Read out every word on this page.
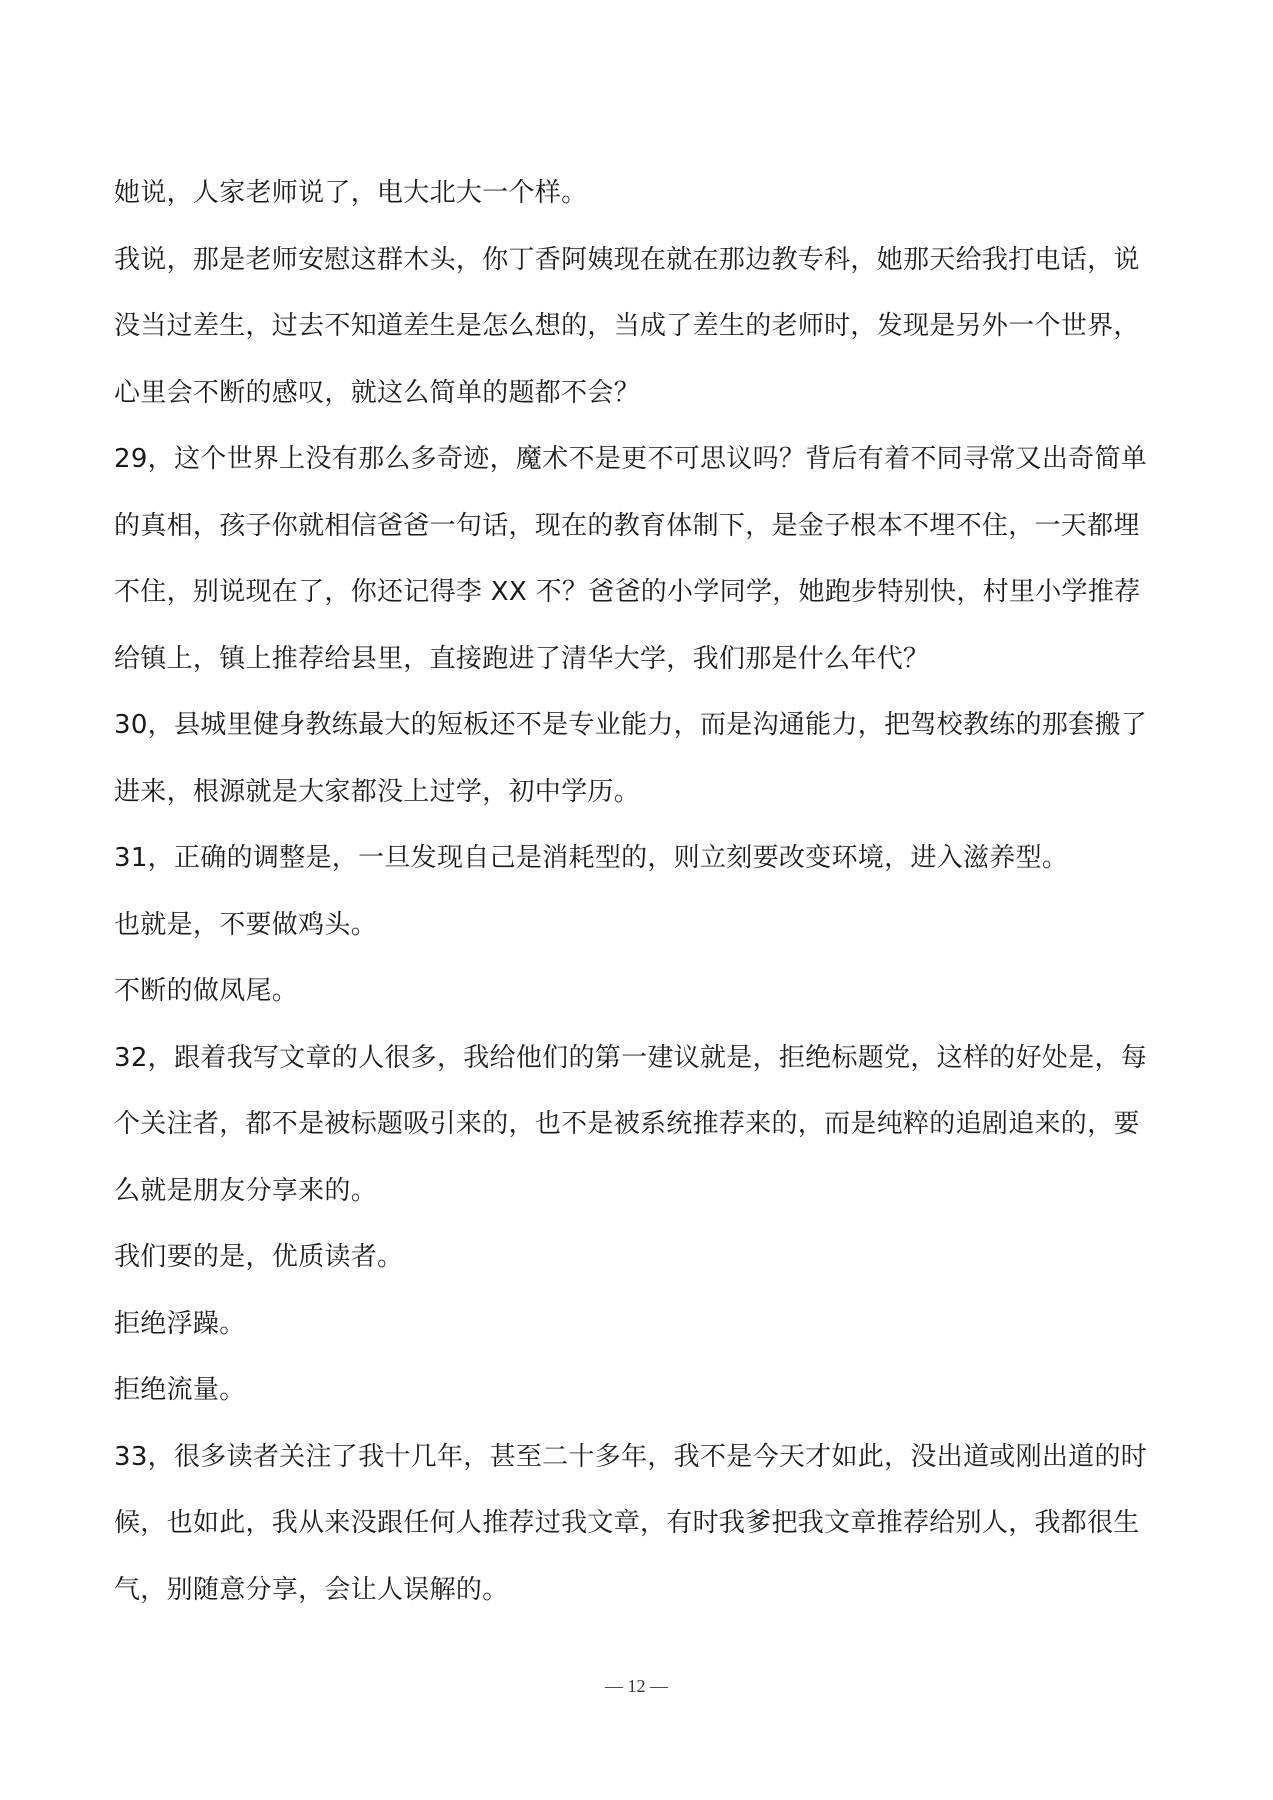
她说，人家老师说了，电大北大一个样。
我说，那是老师安慰这群木头，你丁香阿姨现在就在那边教专科，她那天给我打电话，说
没当过差生，过去不知道差生是怎么想的，当成了差生的老师时，发现是另外一个世界，
心里会不断的感叹，就这么简单的题都不会？
29，这个世界上没有那么多奇迹，魔术不是更不可思议吗？背后有着不同寻常又出奇简单
的真相，孩子你就相信爸爸一句话，现在的教育体制下，是金子根本不埋不住，一天都埋
不住，别说现在了，你还记得李 XX 不？爸爸的小学同学，她跑步特别快，村里小学推荐
给镇上，镇上推荐给县里，直接跑进了清华大学，我们那是什么年代？
30，县城里健身教练最大的短板还不是专业能力，而是沟通能力，把驾校教练的那套搬了
进来，根源就是大家都没上过学，初中学历。
31，正确的调整是，一旦发现自己是消耗型的，则立刻要改变环境，进入滋养型。
也就是，不要做鸡头。
不断的做凤尾。
32，跟着我写文章的人很多，我给他们的第一建议就是，拒绝标题党，这样的好处是，每
个关注者，都不是被标题吸引来的，也不是被系统推荐来的，而是纯粹的追剧追来的，要
么就是朋友分享来的。
我们要的是，优质读者。
拒绝浮躁。
拒绝流量。
33，很多读者关注了我十几年，甚至二十多年，我不是今天才如此，没出道或刚出道的时
候，也如此，我从来没跟任何人推荐过我文章，有时我爹把我文章推荐给别人，我都很生
气，别随意分享，会让人误解的。
— 12 —
